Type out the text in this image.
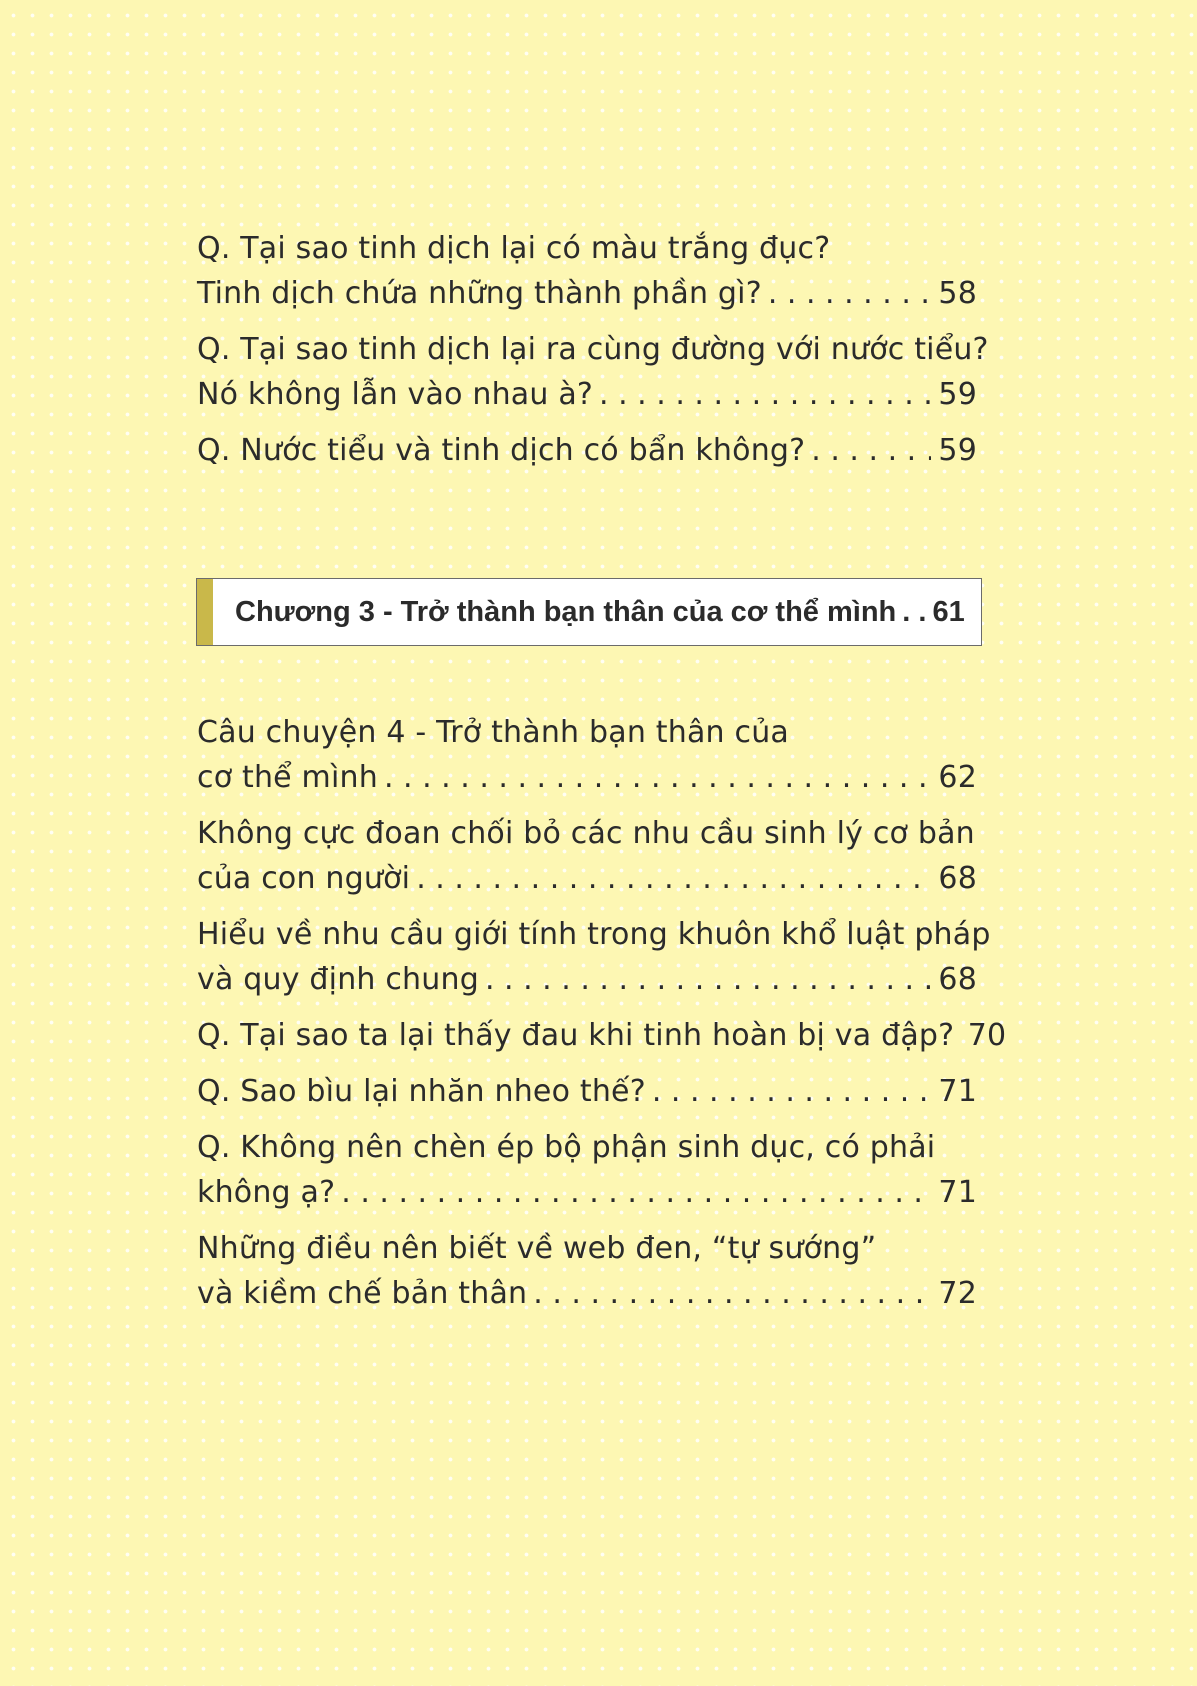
Q. Tại sao tinh dịch lại có màu trắng đục?
Tinh dịch chứa những thành phần gì? . . .	58
Q. Tại sao tinh dịch lại ra cùng đường với nước tiểu?
Nó không lẫn vào nhau à? . . .	59
Q. Nước tiểu và tinh dịch có bẩn không? . . .	59
Chương 3 - Trở thành bạn thân của cơ thể mình . . 61
Câu chuyện 4 - Trở thành bạn thân của
cơ thể mình . . .	62
Không cực đoan chối bỏ các nhu cầu sinh lý cơ bản
của con người . . .	68
Hiểu về nhu cầu giới tính trong khuôn khổ luật pháp
và quy định chung . . .	68
Q. Tại sao ta lại thấy đau khi tinh hoàn bị va đập? 70
Q. Sao bìu lại nhăn nheo thế? . . .	71
Q. Không nên chèn ép bộ phận sinh dục, có phải
không ạ? . . .	71
Những điều nên biết về web đen, “tự sướng”
và kiềm chế bản thân . . .	72
